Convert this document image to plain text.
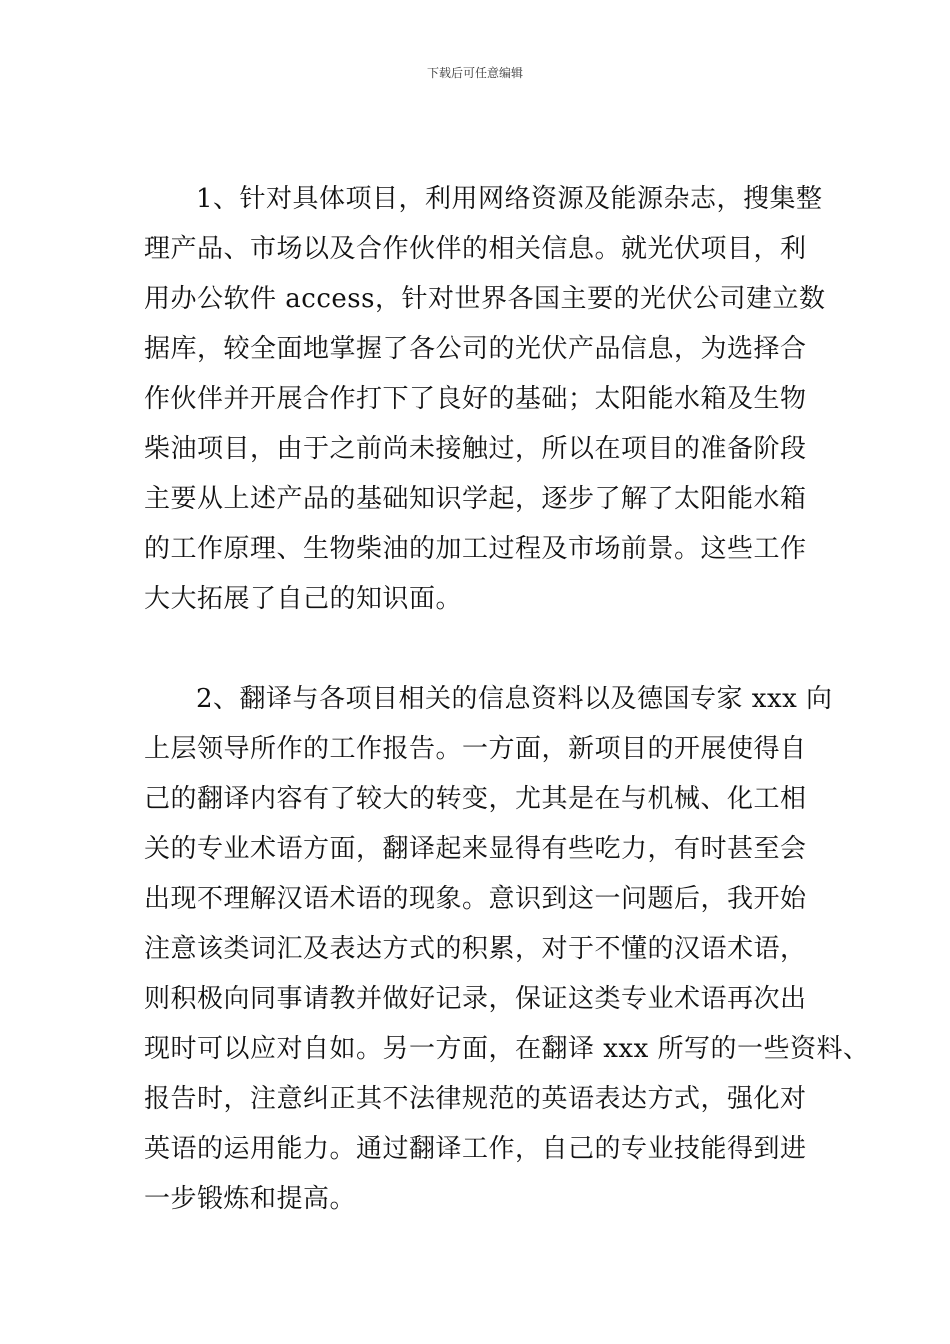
下载后可任意编辑
1、针对具体项目，利用网络资源及能源杂志，搜集整
理产品、市场以及合作伙伴的相关信息。就光伏项目，利
用办公软件 access，针对世界各国主要的光伏公司建立数
据库，较全面地掌握了各公司的光伏产品信息，为选择合
作伙伴并开展合作打下了良好的基础；太阳能水箱及生物
柴油项目，由于之前尚未接触过，所以在项目的准备阶段
主要从上述产品的基础知识学起，逐步了解了太阳能水箱
的工作原理、生物柴油的加工过程及市场前景。这些工作
大大拓展了自己的知识面。
2、翻译与各项目相关的信息资料以及德国专家 xxx 向
上层领导所作的工作报告。一方面，新项目的开展使得自
己的翻译内容有了较大的转变，尤其是在与机械、化工相
关的专业术语方面，翻译起来显得有些吃力，有时甚至会
出现不理解汉语术语的现象。意识到这一问题后，我开始
注意该类词汇及表达方式的积累，对于不懂的汉语术语，
则积极向同事请教并做好记录，保证这类专业术语再次出
现时可以应对自如。另一方面，在翻译 xxx 所写的一些资料、
报告时，注意纠正其不法律规范的英语表达方式，强化对
英语的运用能力。通过翻译工作，自己的专业技能得到进
一步锻炼和提高。
